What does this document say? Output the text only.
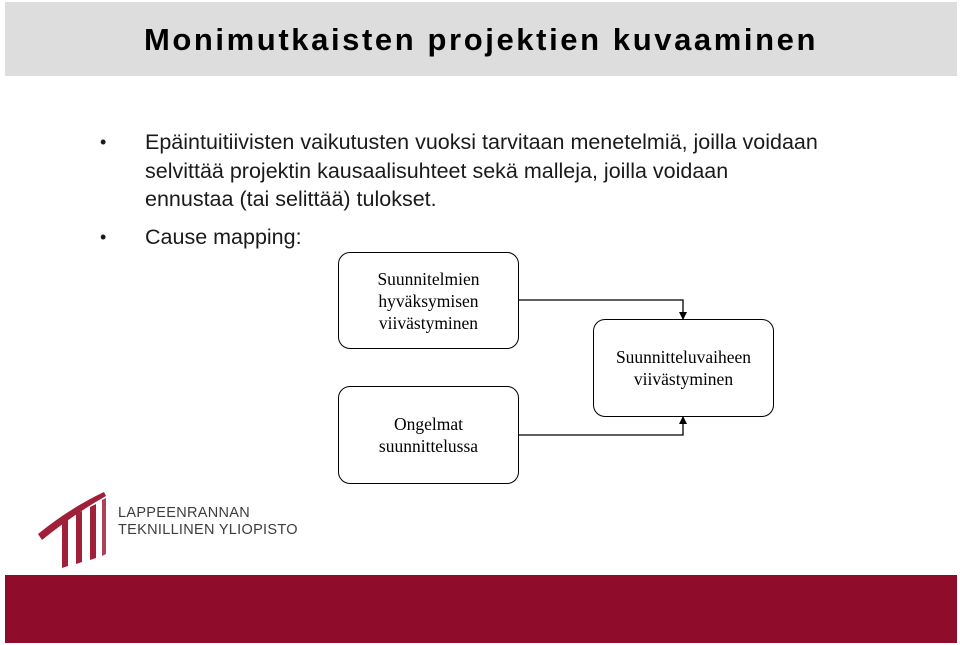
Monimutkaisten projektien kuvaaminen
•	Epäintuitiivisten vaikutusten vuoksi tarvitaan menetelmiä, joilla voidaan selvittää projektin kausaalisuhteet sekä malleja, joilla voidaan ennustaa (tai selittää) tulokset.
•	Cause mapping:
Suunnitelmien
hyväksymisen
viivästyminen
Ongelmat
suunnittelussa
Suunnitteluvaiheen
viivästyminen
LAPPEENRANNAN
TEKNILLINEN YLIOPISTO
